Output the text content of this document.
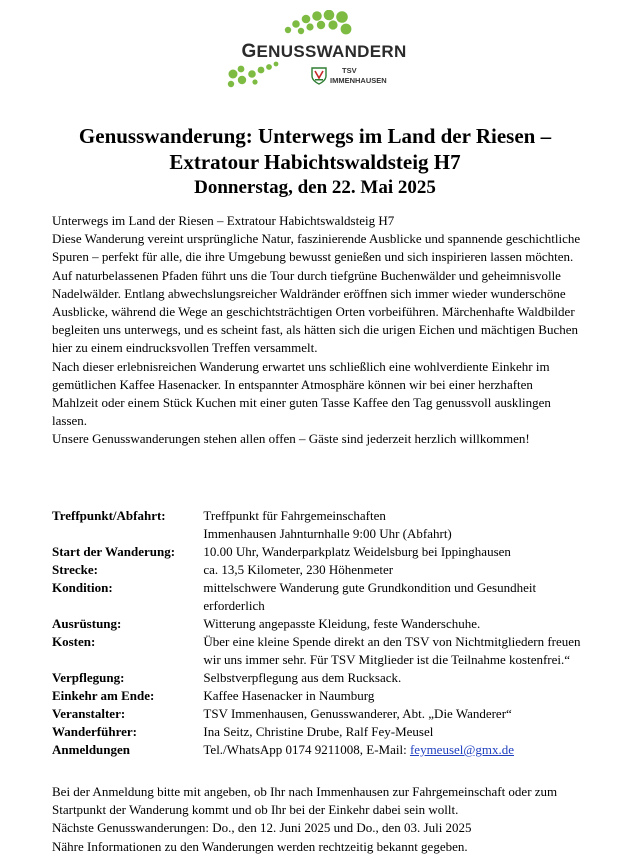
GENUSSWANDERN
TSV
IMMENHAUSEN
Genusswanderung: Unterwegs im Land der Riesen –
Extratour Habichtswaldsteig H7
Donnerstag, den 22. Mai 2025

Unterwegs im Land der Riesen – Extratour Habichtswaldsteig H7

Diese Wanderung vereint ursprüngliche Natur, faszinierende Ausblicke und spannende geschichtliche Spuren – perfekt für alle, die ihre Umgebung bewusst genießen und sich inspirieren lassen möchten.

Auf naturbelassenen Pfaden führt uns die Tour durch tiefgrüne Buchenwälder und geheimnisvolle Nadelwälder. Entlang abwechslungsreicher Waldränder eröffnen sich immer wieder wunderschöne Ausblicke, während die Wege an geschichtsträchtigen Orten vorbeiführen. Märchenhafte Waldbilder begleiten uns unterwegs, und es scheint fast, als hätten sich die urigen Eichen und mächtigen Buchen hier zu einem eindrucksvollen Treffen versammelt.

Nach dieser erlebnisreichen Wanderung erwartet uns schließlich eine wohlverdiente Einkehr im gemütlichen Kaffee Hasenacker. In entspannter Atmosphäre können wir bei einer herzhaften Mahlzeit oder einem Stück Kuchen mit einer guten Tasse Kaffee den Tag genussvoll ausklingen lassen.

Unsere Genusswanderungen stehen allen offen – Gäste sind jederzeit herzlich willkommen!

Treffpunkt/Abfahrt:	Treffpunkt für Fahrgemeinschaften
Immenhausen Jahnturnhalle 9:00 Uhr (Abfahrt)
Start der Wanderung:	10.00 Uhr, Wanderparkplatz Weidelsburg bei Ippinghausen
Strecke:	ca. 13,5 Kilometer, 230 Höhenmeter
Kondition:	mittelschwere Wanderung gute Grundkondition und Gesundheit erforderlich
Ausrüstung:	Witterung angepasste Kleidung, feste Wanderschuhe.
Kosten:	Über eine kleine Spende direkt an den TSV von Nichtmitgliedern freuen wir uns immer sehr. Für TSV Mitglieder ist die Teilnahme kostenfrei.“
Verpflegung:	Selbstverpflegung aus dem Rucksack.
Einkehr am Ende:	Kaffee Hasenacker in Naumburg
Veranstalter:	TSV Immenhausen, Genusswanderer, Abt. „Die Wanderer“
Wanderführer:	Ina Seitz, Christine Drube, Ralf Fey-Meusel
Anmeldungen	Tel./WhatsApp 0174 9211008, E-Mail: feymeusel@gmx.de

Bei der Anmeldung bitte mit angeben, ob Ihr nach Immenhausen zur Fahrgemeinschaft oder zum Startpunkt der Wanderung kommt und ob Ihr bei der Einkehr dabei sein wollt.

Nächste Genusswanderungen: Do., den 12. Juni 2025 und Do., den 03. Juli 2025

Nähre Informationen zu den Wanderungen werden rechtzeitig bekannt gegeben.
